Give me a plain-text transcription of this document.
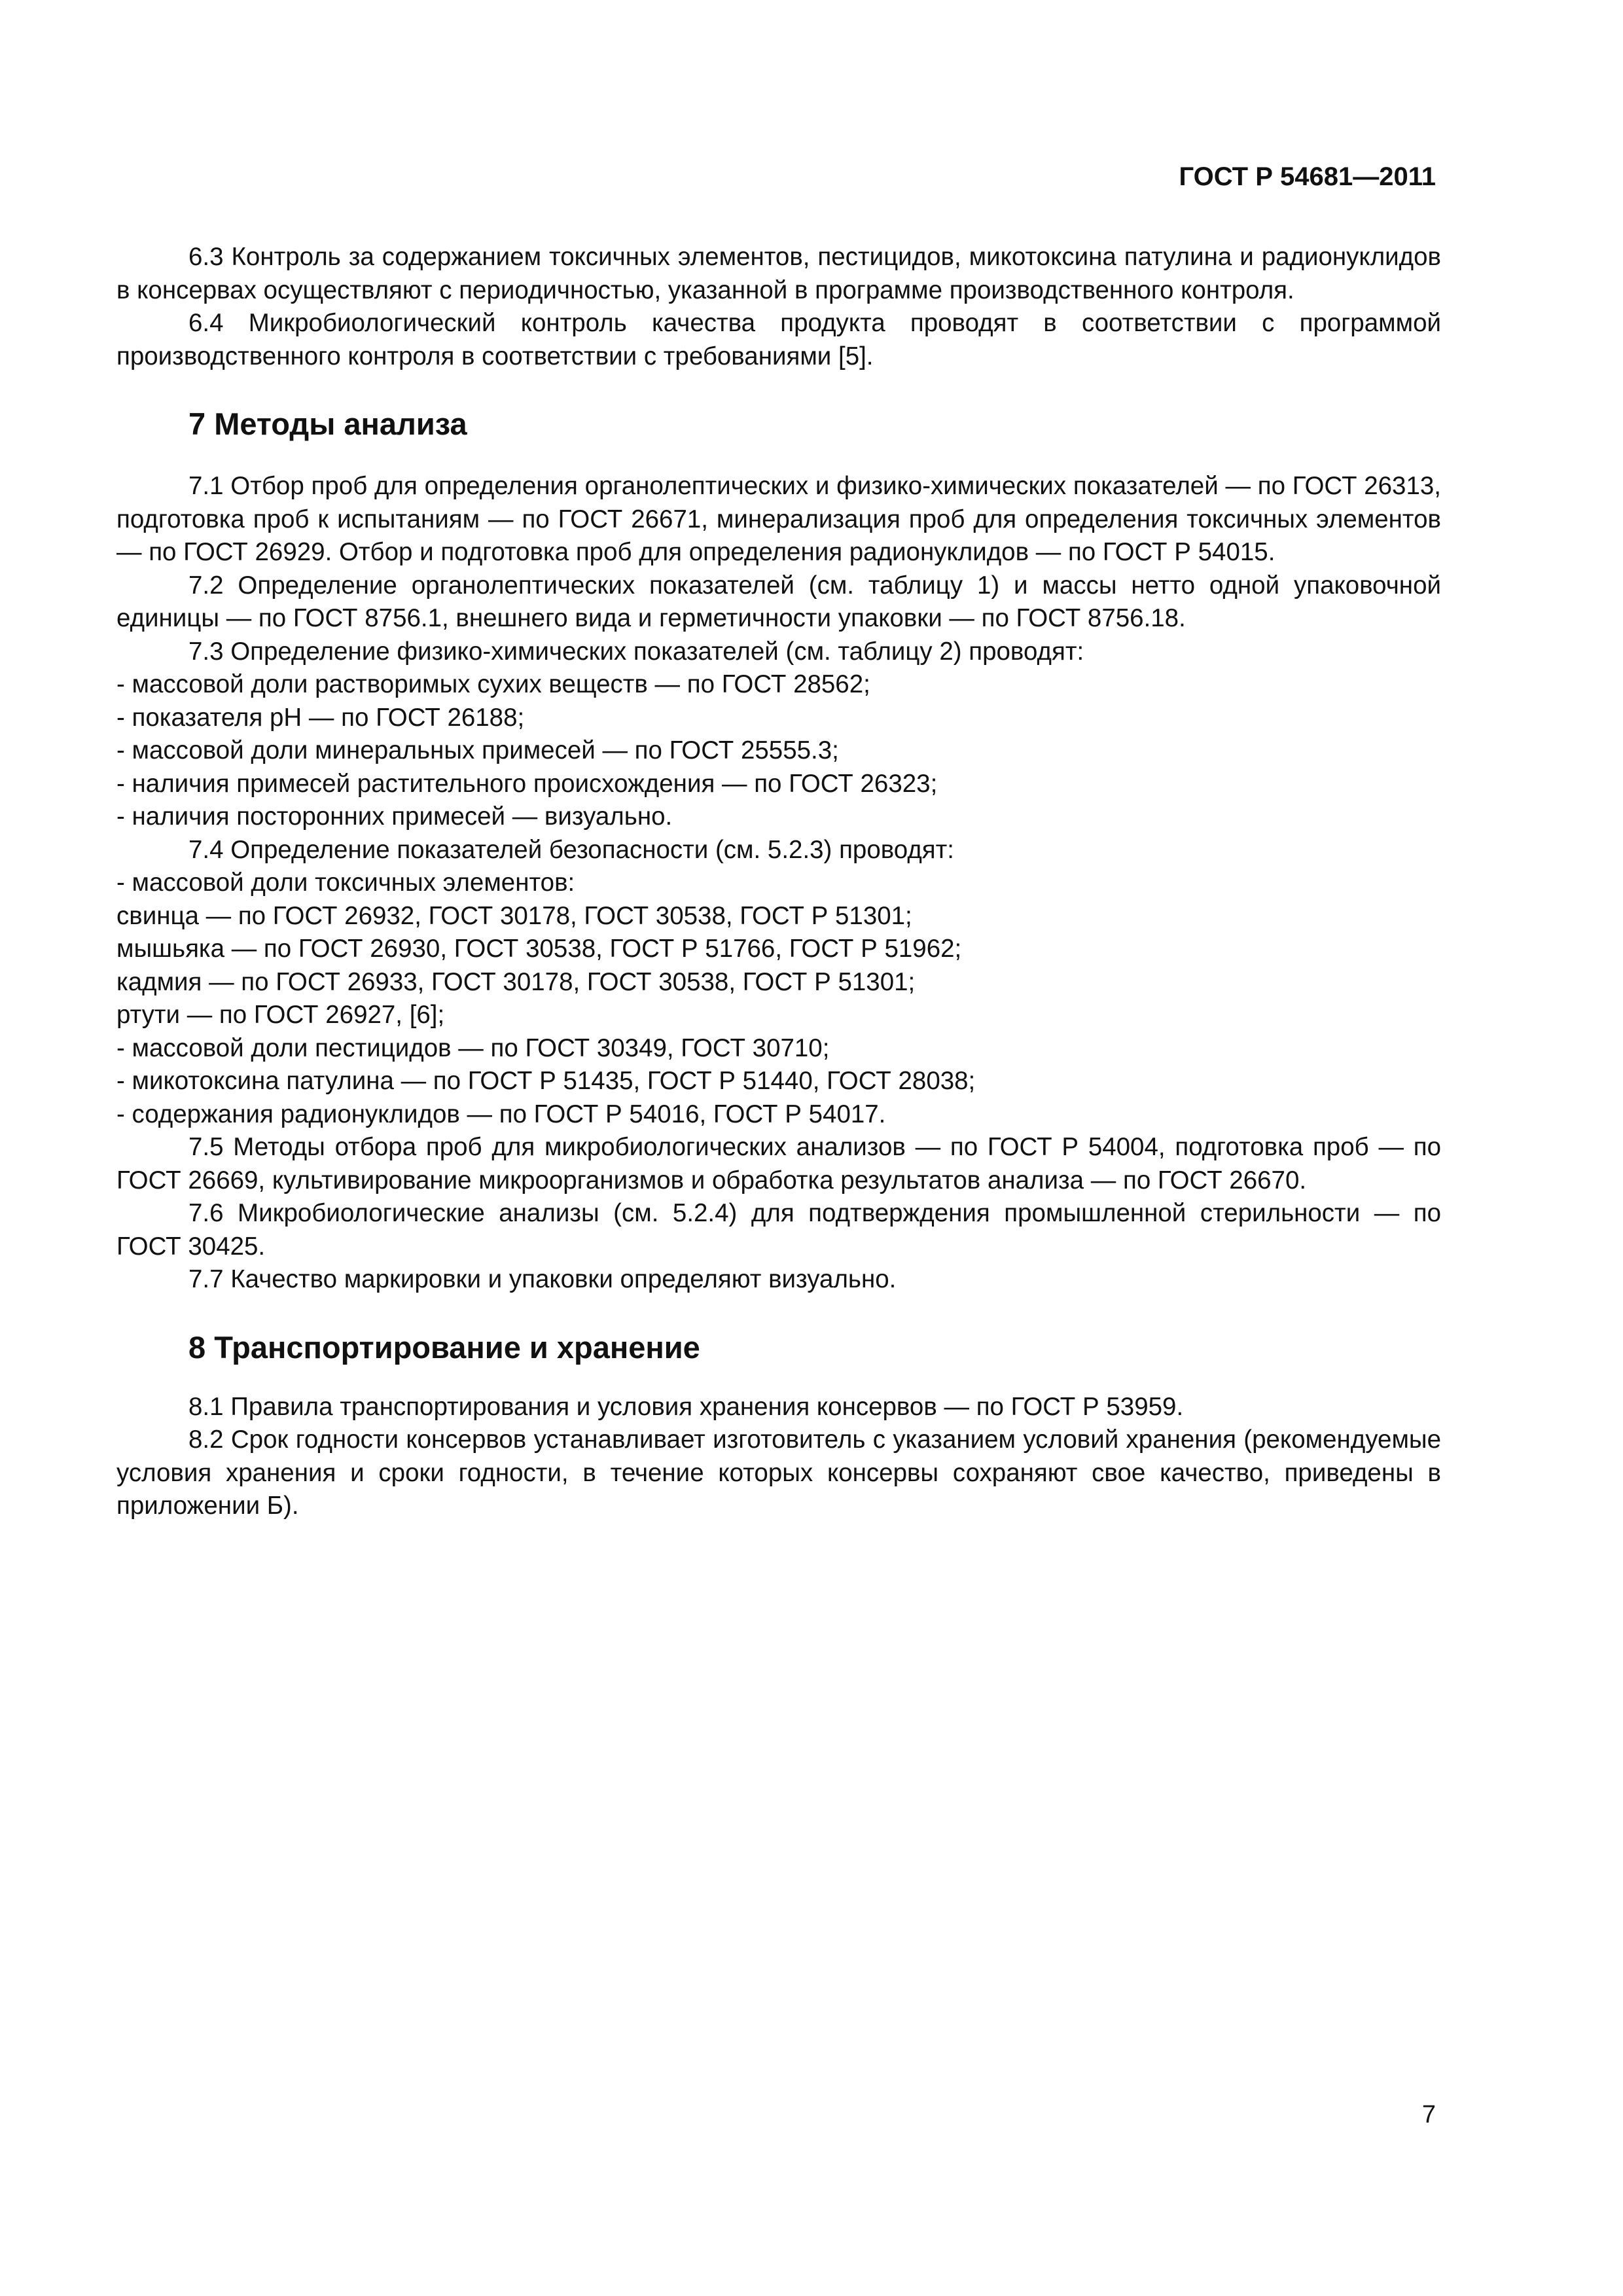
ГОСТ Р 54681—2011

6.3 Контроль за содержанием токсичных элементов, пестицидов, микотоксина патулина и радионуклидов в консервах осуществляют с периодичностью, указанной в программе производственного контроля.

6.4 Микробиологический контроль качества продукта проводят в соответствии с программой производственного контроля в соответствии с требованиями [5].

7 Методы анализа

7.1 Отбор проб для определения органолептических и физико-химических показателей — по ГОСТ 26313, подготовка проб к испытаниям — по ГОСТ 26671, минерализация проб для определения токсичных элементов — по ГОСТ 26929. Отбор и подготовка проб для определения радионуклидов — по ГОСТ Р 54015.

7.2 Определение органолептических показателей (см. таблицу 1) и массы нетто одной упаковочной единицы — по ГОСТ 8756.1, внешнего вида и герметичности упаковки — по ГОСТ 8756.18.

7.3 Определение физико-химических показателей (см. таблицу 2) проводят:

- массовой доли растворимых сухих веществ — по ГОСТ 28562;

- показателя рН — по ГОСТ 26188;

- массовой доли минеральных примесей — по ГОСТ 25555.3;

- наличия примесей растительного происхождения — по ГОСТ 26323;

- наличия посторонних примесей — визуально.

7.4 Определение показателей безопасности (см. 5.2.3) проводят:

- массовой доли токсичных элементов:

свинца — по ГОСТ 26932, ГОСТ 30178, ГОСТ 30538, ГОСТ Р 51301;

мышьяка — по ГОСТ 26930, ГОСТ 30538, ГОСТ Р 51766, ГОСТ Р 51962;

кадмия — по ГОСТ 26933, ГОСТ 30178, ГОСТ 30538, ГОСТ Р 51301;

ртути — по ГОСТ 26927, [6];

- массовой доли пестицидов — по ГОСТ 30349, ГОСТ 30710;

- микотоксина патулина — по ГОСТ Р 51435, ГОСТ Р 51440, ГОСТ 28038;

- содержания радионуклидов — по ГОСТ Р 54016, ГОСТ Р 54017.

7.5 Методы отбора проб для микробиологических анализов — по ГОСТ Р 54004, подготовка проб — по ГОСТ 26669, культивирование микроорганизмов и обработка результатов анализа — по ГОСТ 26670.

7.6 Микробиологические анализы (см. 5.2.4) для подтверждения промышленной стерильности — по ГОСТ 30425.

7.7 Качество маркировки и упаковки определяют визуально.

8 Транспортирование и хранение

8.1 Правила транспортирования и условия хранения консервов — по ГОСТ Р 53959.

8.2 Срок годности консервов устанавливает изготовитель с указанием условий хранения (рекомендуемые условия хранения и сроки годности, в течение которых консервы сохраняют свое качество, приведены в приложении Б).

7
